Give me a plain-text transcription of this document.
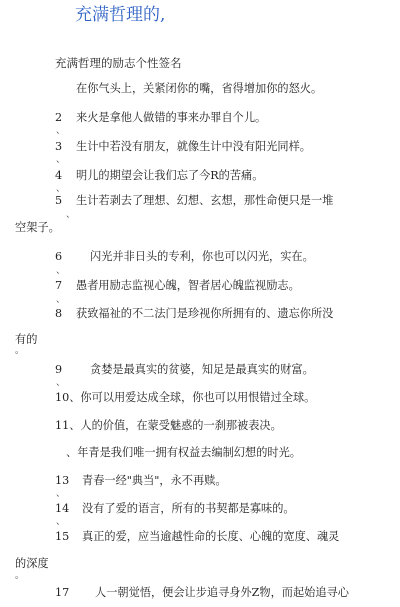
充满哲理的,
充满哲理的励志个性签名
在你气头上，关紧闭你的嘴，省得增加你的怒火。
2 来火是拿他人做错的事来办罪自个儿。
、
3 生计中若没有朋友，就像生计中没有阳光同样。
、
4 明儿的期望会让我们忘了今R的苦痛。
、
5 生计若剥去了理想、幻想、玄想，那性命便只是一堆
、
空架子。
6 闪光并非日头的专利，你也可以闪光，实在。
、
7 愚者用励志监视心魄，智者居心魄监视励志。
、
8 获致福祉的不二法门是珍视你所拥有的、遗忘你所没
有的
。
9 贪婪是最真实的贫婆，知足是最真实的财富。
、
10、你可以用爱达成全球，你也可以用恨错过全球。
11、人的价值，在蒙受魅惑的一刹那被表决。
、年青是我们唯一拥有权益去编制幻想的时光。
13 青春一经"典当"，永不再赎。
、
14 没有了爱的语言，所有的书契都是寡味的。
、
15 真正的爱，应当逾越性命的长度、心魄的宽度、魂灵
的深度
。
17 人一朝觉悟，便会让步追寻身外Z物，而起始追寻心
